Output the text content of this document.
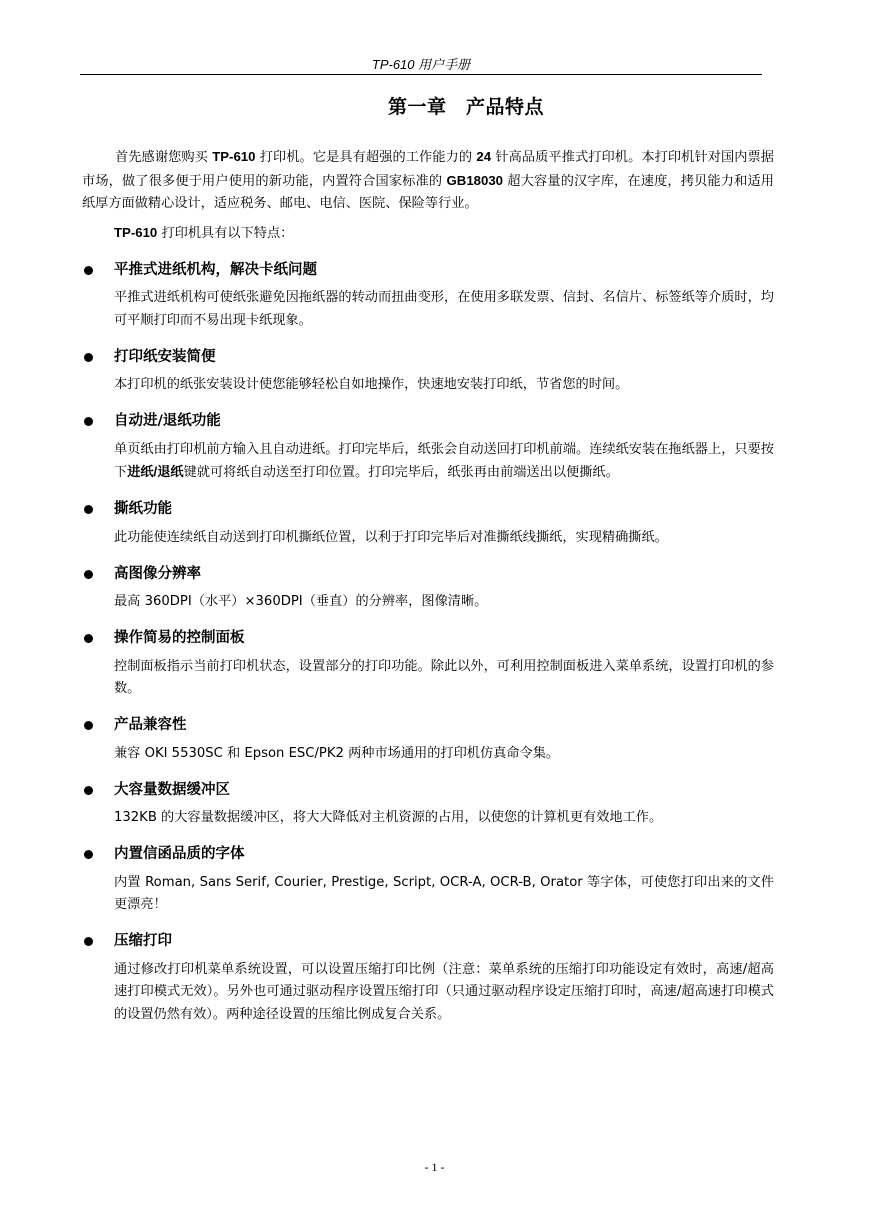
TP-610 用户手册
第一章　产品特点

首先感谢您购买 TP-610 打印机。它是具有超强的工作能力的 24 针高品质平推式打印机。本打印机针对国内票据市场，做了很多便于用户使用的新功能，内置符合国家标准的 GB18030 超大容量的汉字库，在速度，拷贝能力和适用纸厚方面做精心设计，适应税务、邮电、电信、医院、保险等行业。

TP-610 打印机具有以下特点：

平推式进纸机构，解决卡纸问题
平推式进纸机构可使纸张避免因拖纸器的转动而扭曲变形，在使用多联发票、信封、名信片、标签纸等介质时，均可平顺打印而不易出现卡纸现象。
打印纸安装简便
本打印机的纸张安装设计使您能够轻松自如地操作，快速地安装打印纸，节省您的时间。
自动进/退纸功能
单页纸由打印机前方输入且自动进纸。打印完毕后，纸张会自动送回打印机前端。连续纸安装在拖纸器上，只要按下进纸/退纸键就可将纸自动送至打印位置。打印完毕后，纸张再由前端送出以便撕纸。
撕纸功能
此功能使连续纸自动送到打印机撕纸位置，以利于打印完毕后对准撕纸线撕纸，实现精确撕纸。
高图像分辨率
最高 360DPI（水平）×360DPI（垂直）的分辨率，图像清晰。
操作简易的控制面板
控制面板指示当前打印机状态，设置部分的打印功能。除此以外，可利用控制面板进入菜单系统，设置打印机的参数。
产品兼容性
兼容 OKI 5530SC 和 Epson ESC/PK2 两种市场通用的打印机仿真命令集。
大容量数据缓冲区
132KB 的大容量数据缓冲区，将大大降低对主机资源的占用，以使您的计算机更有效地工作。
内置信函品质的字体
内置 Roman, Sans Serif, Courier, Prestige, Script, OCR-A, OCR-B, Orator 等字体，可使您打印出来的文件更漂亮！
压缩打印
通过修改打印机菜单系统设置，可以设置压缩打印比例（注意：菜单系统的压缩打印功能设定有效时，高速/超高速打印模式无效）。另外也可通过驱动程序设置压缩打印（只通过驱动程序设定压缩打印时，高速/超高速打印模式的设置仍然有效）。两种途径设置的压缩比例成复合关系。
- 1 -
